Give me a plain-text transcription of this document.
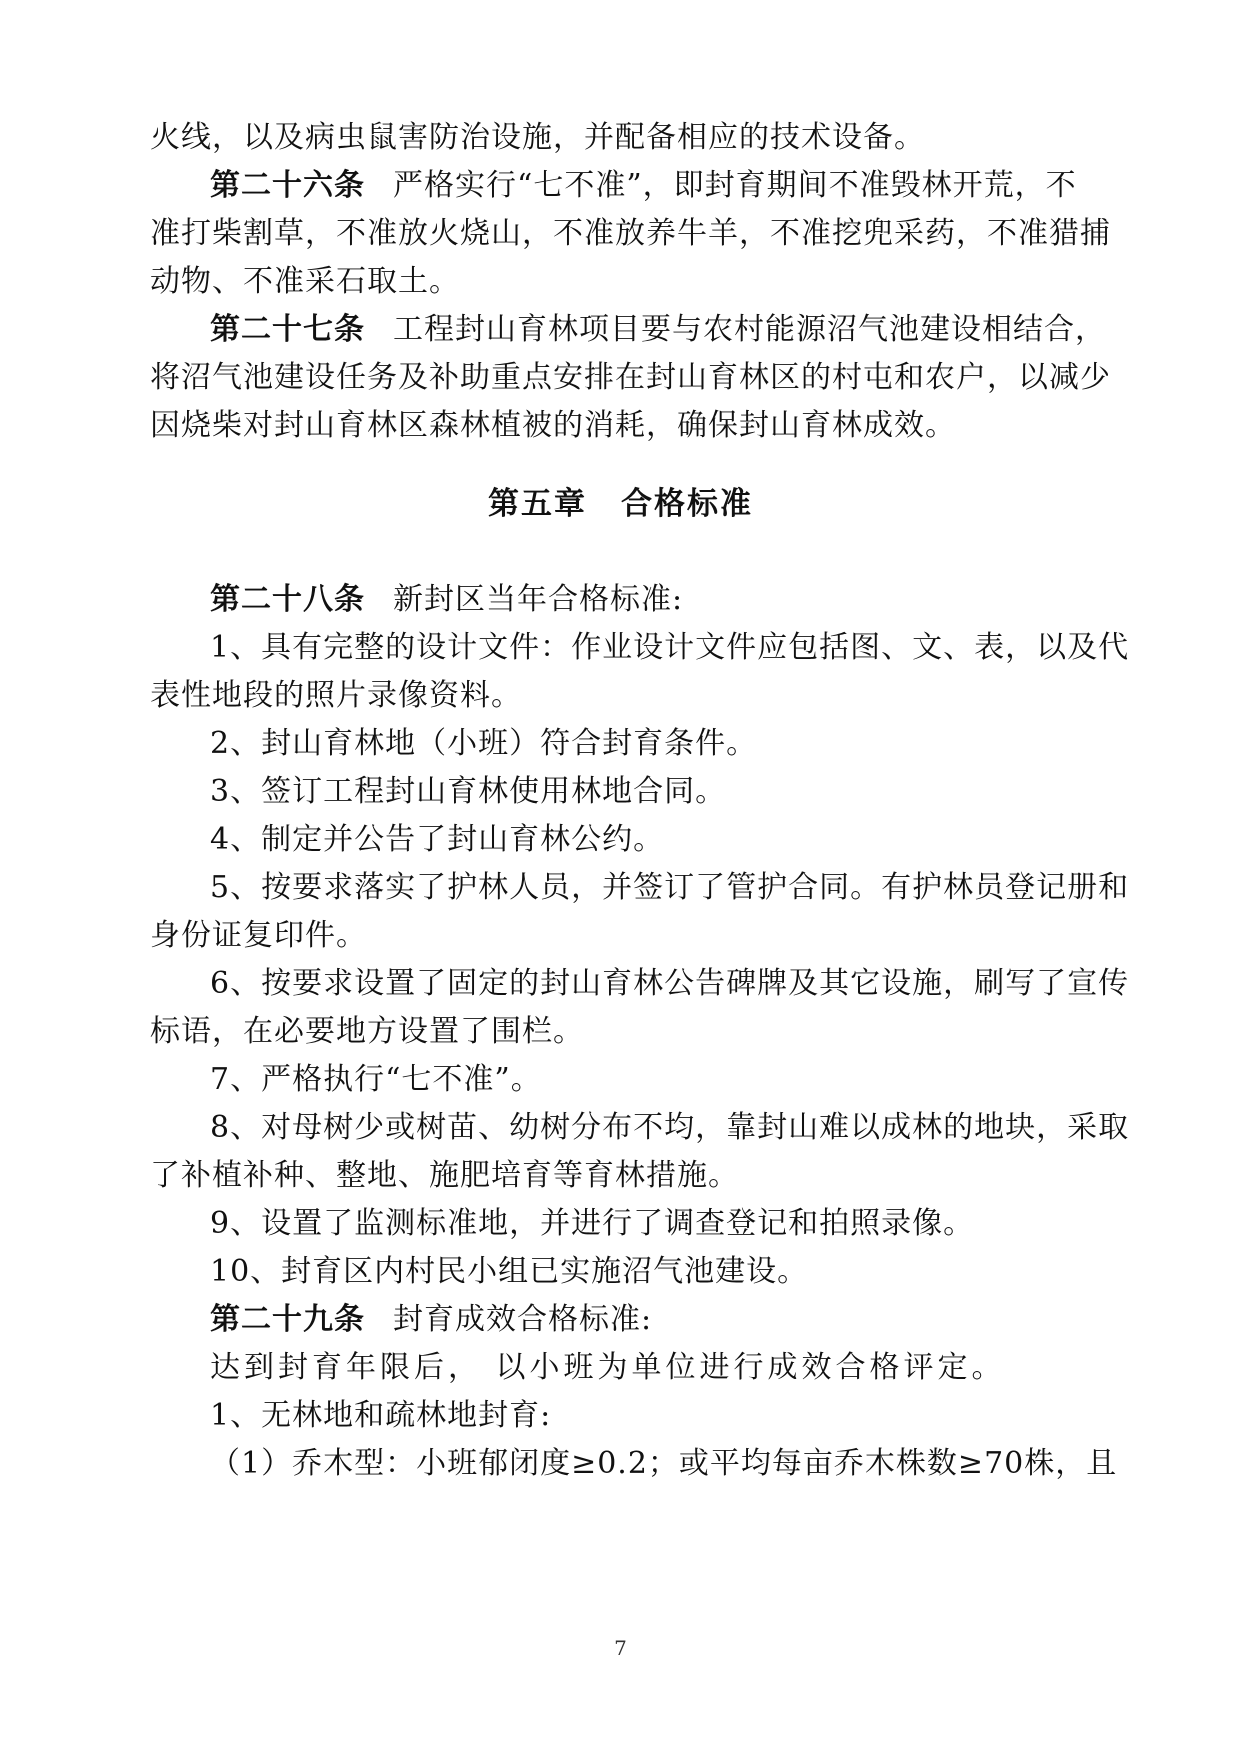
火线，以及病虫鼠害防治设施，并配备相应的技术设备。
第二十六条 严格实行“七不准”，即封育期间不准毁林开荒，不
准打柴割草，不准放火烧山，不准放养牛羊，不准挖兜采药，不准猎捕
动物、不准采石取土。
第二十七条 工程封山育林项目要与农村能源沼气池建设相结合，
将沼气池建设任务及补助重点安排在封山育林区的村屯和农户，以减少
因烧柴对封山育林区森林植被的消耗，确保封山育林成效。
第五章 合格标准
第二十八条 新封区当年合格标准:
1、具有完整的设计文件：作业设计文件应包括图、文、表，以及代
表性地段的照片录像资料。
2、封山育林地（小班）符合封育条件。
3、签订工程封山育林使用林地合同。
4、制定并公告了封山育林公约。
5、按要求落实了护林人员，并签订了管护合同。有护林员登记册和
身份证复印件。
6、按要求设置了固定的封山育林公告碑牌及其它设施，刷写了宣传
标语，在必要地方设置了围栏。
7、严格执行“七不准”。
8、对母树少或树苗、幼树分布不均，靠封山难以成林的地块，采取
了补植补种、整地、施肥培育等育林措施。
9、设置了监测标准地，并进行了调查登记和拍照录像。
10、封育区内村民小组已实施沼气池建设。
第二十九条 封育成效合格标准:
达到封育年限后， 以小班为单位进行成效合格评定。
1、无林地和疏林地封育:
（1）乔木型：小班郁闭度≥0.2；或平均每亩乔木株数≥70株，且
7
